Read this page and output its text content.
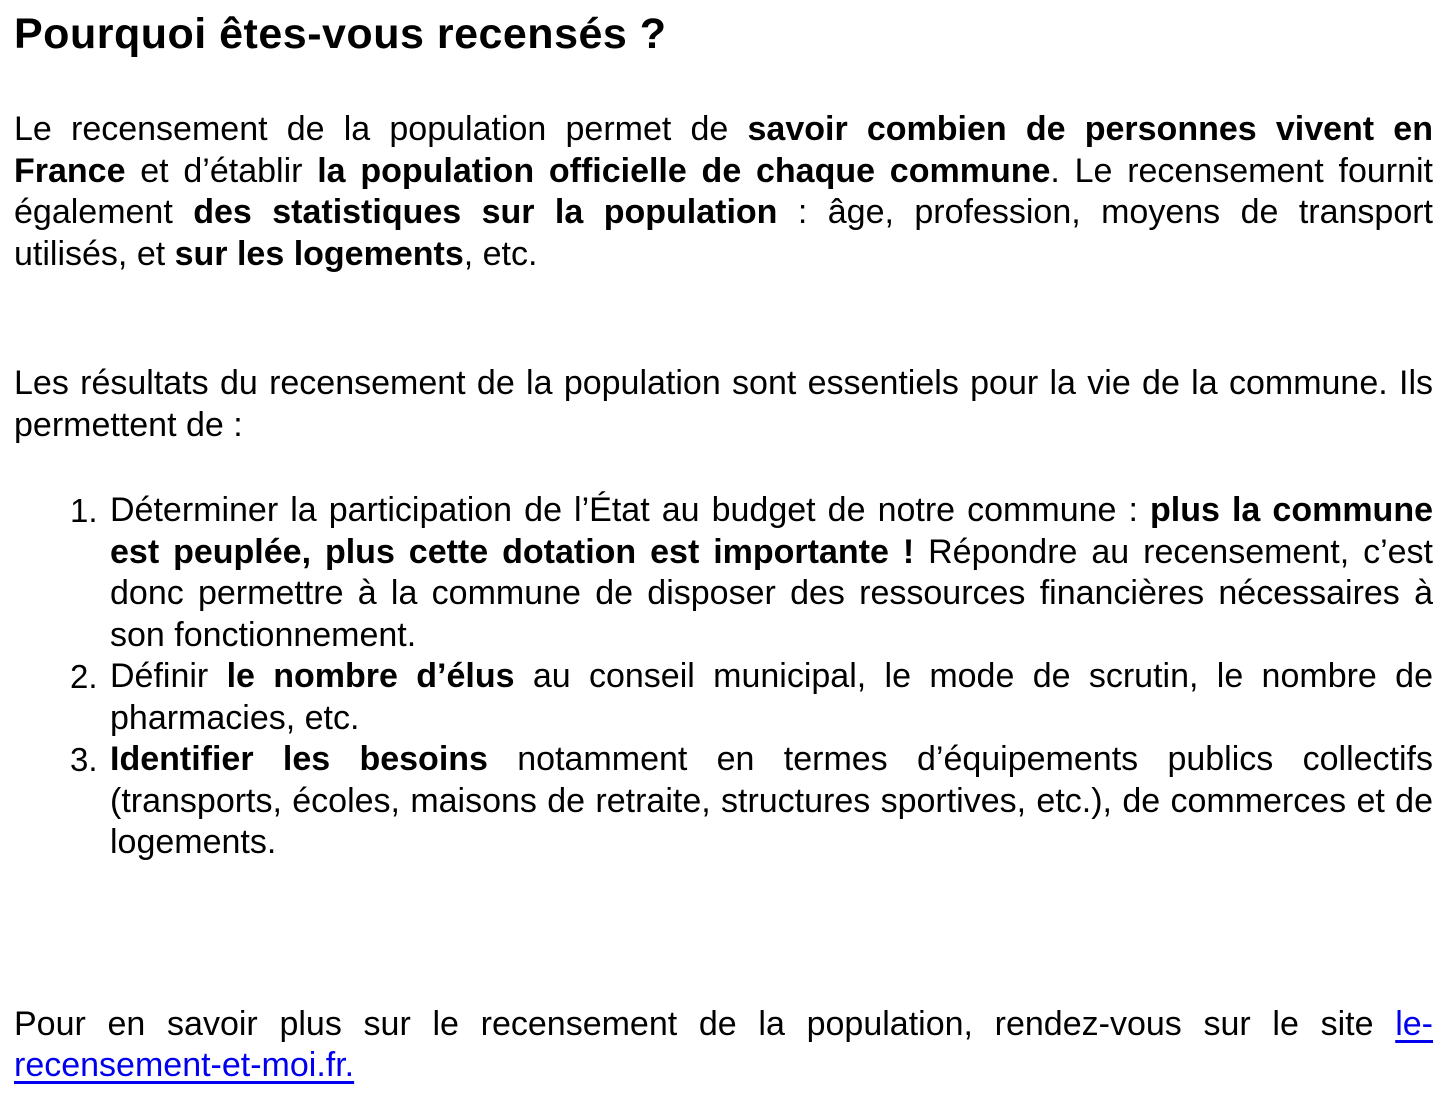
Pourquoi êtes-vous recensés ?

Le recensement de la population permet de savoir combien de personnes vivent en France et d’établir la population officielle de chaque commune. Le recensement fournit également des statistiques sur la population : âge, profession, moyens de transport utilisés, et sur les logements, etc.

Les résultats du recensement de la population sont essentiels pour la vie de la commune. Ils permettent de :

1. Déterminer la participation de l’État au budget de notre commune : plus la commune est peuplée, plus cette dotation est importante ! Répondre au recensement, c’est donc permettre à la commune de disposer des ressources financières nécessaires à son fonctionnement.
2. Définir le nombre d’élus au conseil municipal, le mode de scrutin, le nombre de pharmacies, etc.
3. Identifier les besoins notamment en termes d’équipements publics collectifs (transports, écoles, maisons de retraite, structures sportives, etc.), de commerces et de logements.

Pour en savoir plus sur le recensement de la population, rendez-vous sur le site le-recensement-et-moi.fr.
